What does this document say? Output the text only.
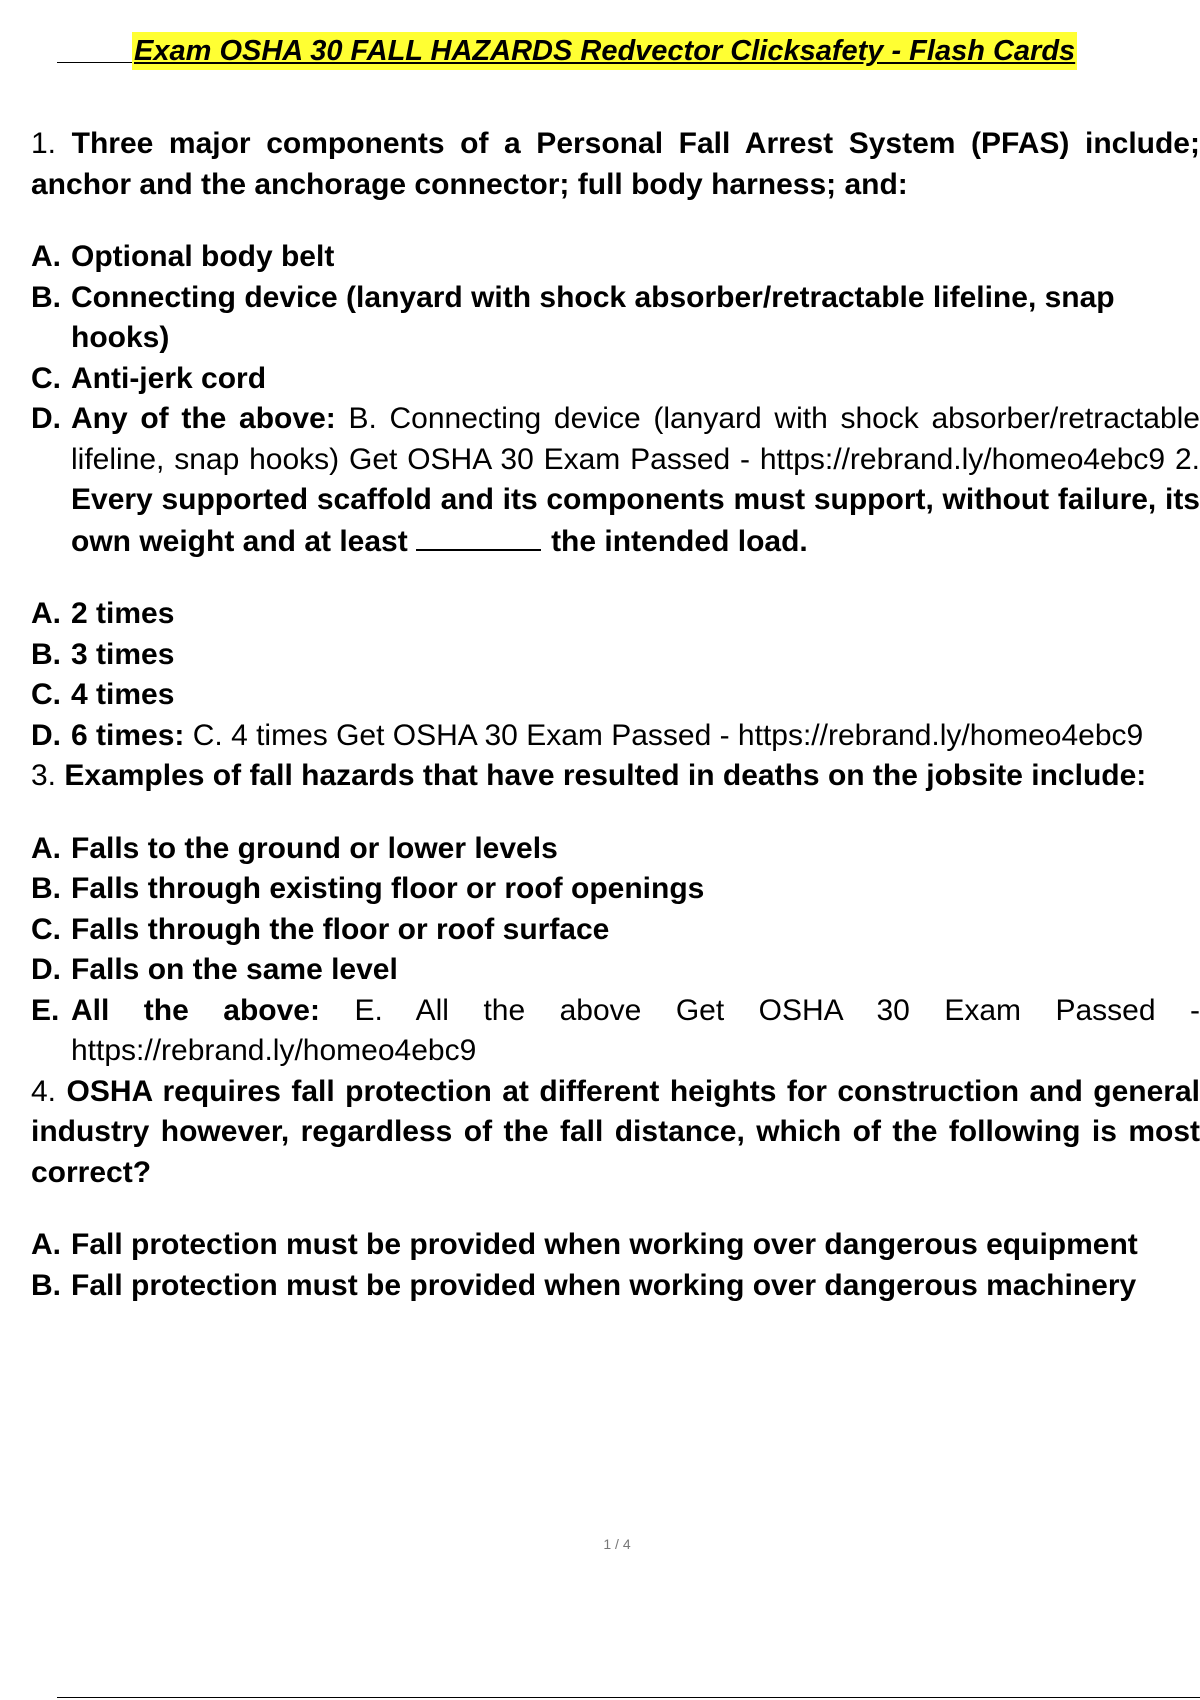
Exam OSHA 30 FALL HAZARDS Redvector Clicksafety - Flash Cards

1. Three major components of a Personal Fall Arrest System (PFAS) include; anchor and the anchorage connector; full body harness; and:

A. Optional body belt
B. Connecting device (lanyard with shock absorber/retractable lifeline, snap hooks)
C. Anti-jerk cord
D. Any of the above: B. Connecting device (lanyard with shock absorber/retractable lifeline, snap hooks) Get OSHA 30 Exam Passed - https://rebrand.ly/homeo4ebc9 2. Every supported scaffold and its components must support, without failure, its own weight and at least	the intended load.
A. 2 times
B. 3 times
C. 4 times
D. 6 times: C. 4 times Get OSHA 30 Exam Passed - https://rebrand.ly/homeo4ebc9

3. Examples of fall hazards that have resulted in deaths on the jobsite include:

A. Falls to the ground or lower levels
B. Falls through existing floor or roof openings
C. Falls through the floor or roof surface
D. Falls on the same level
E. All the above: E. All the above Get OSHA 30 Exam Passed - https://rebrand.ly/homeo4ebc9

4. OSHA requires fall protection at different heights for construction and general industry however, regardless of the fall distance, which of the following is most correct?

A. Fall protection must be provided when working over dangerous equipment
B. Fall protection must be provided when working over dangerous machinery
1 / 4
